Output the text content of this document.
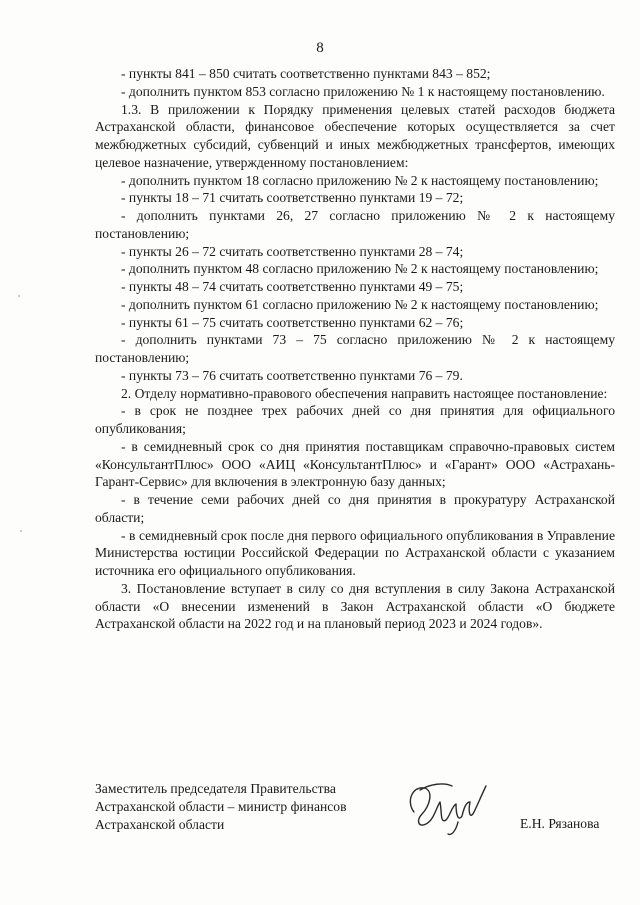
8

- пункты 841 – 850 считать соответственно пунктами 843 – 852;

- дополнить пунктом 853 согласно приложению № 1 к настоящему постановлению.

1.3. В приложении к Порядку применения целевых статей расходов бюджета Астраханской области, финансовое обеспечение которых осуществляется за счет межбюджетных субсидий, субвенций и иных межбюджетных трансфертов, имеющих целевое назначение, утвержденному постановлением:

- дополнить пунктом 18 согласно приложению № 2 к настоящему постановлению;

- пункты 18 – 71 считать соответственно пунктами 19 – 72;

- дополнить пунктами 26, 27 согласно приложению № 2 к настоящему постановлению;

- пункты 26 – 72 считать соответственно пунктами 28 – 74;

- дополнить пунктом 48 согласно приложению № 2 к настоящему постановлению;

- пункты 48 – 74 считать соответственно пунктами 49 – 75;

- дополнить пунктом 61 согласно приложению № 2 к настоящему постановлению;

- пункты 61 – 75 считать соответственно пунктами 62 – 76;

- дополнить пунктами 73 – 75 согласно приложению № 2 к настоящему постановлению;

- пункты 73 – 76 считать соответственно пунктами 76 – 79.

2. Отделу нормативно-правового обеспечения направить настоящее постановление:

- в срок не позднее трех рабочих дней со дня принятия для официального опубликования;

- в семидневный срок со дня принятия поставщикам справочно-правовых систем «КонсультантПлюс» ООО «АИЦ «КонсультантПлюс» и «Гарант» ООО «Астрахань-Гарант-Сервис» для включения в электронную базу данных;

- в течение семи рабочих дней со дня принятия в прокуратуру Астраханской области;

- в семидневный срок после дня первого официального опубликования в Управление Министерства юстиции Российской Федерации по Астраханской области с указанием источника его официального опубликования.

3. Постановление вступает в силу со дня вступления в силу Закона Астраханской области «О внесении изменений в Закон Астраханской области «О бюджете Астраханской области на 2022 год и на плановый период 2023 и 2024 годов».

Заместитель председателя Правительства
Астраханской области – министр финансов
Астраханской области	Е.Н. Рязанова
